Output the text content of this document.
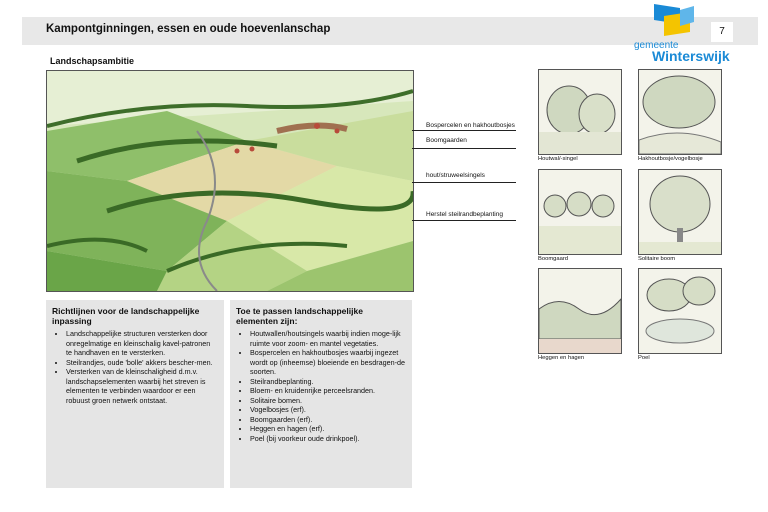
Kampontginningen, essen en oude hoevenlanschap
gemeente
Winterswijk
7
Landschapsambitie
Bospercelen en hakhoutbosjes
Boomgaarden
hout/struweelsingels
Herstel steilrandbeplanting
Richtlijnen voor de landschappelijke inpassing
• Landschappelijke structuren versterken door onregelmatige en kleinschalig kavel-patronen te handhaven en te versterken.
• Steilrandjes, oude 'bolle' akkers bescher-men.
• Versterken van de kleinschaligheid d.m.v. landschapselementen waarbij het streven is elementen te verbinden waardoor er een robuust groen netwerk ontstaat.
Toe te passen landschappelijke elementen zijn:
• Houtwallen/houtsingels waarbij indien moge-lijk ruimte voor zoom- en mantel vegetaties.
• Bospercelen en hakhoutbosjes waarbij ingezet wordt op (inheemse) bloeiende en besdragen-de soorten.
• Steilrandbeplanting.
• Bloem- en kruidenrijke perceelsranden.
• Solitaire bomen.
• Vogelbosjes (erf).
• Boomgaarden (erf).
• Heggen en hagen (erf).
• Poel (bij voorkeur oude drinkpoel).
Houtwal/-singel	Hakhoutbosje/vogelbosje
Boomgaard	Solitaire boom
Heggen en hagen	Poel
